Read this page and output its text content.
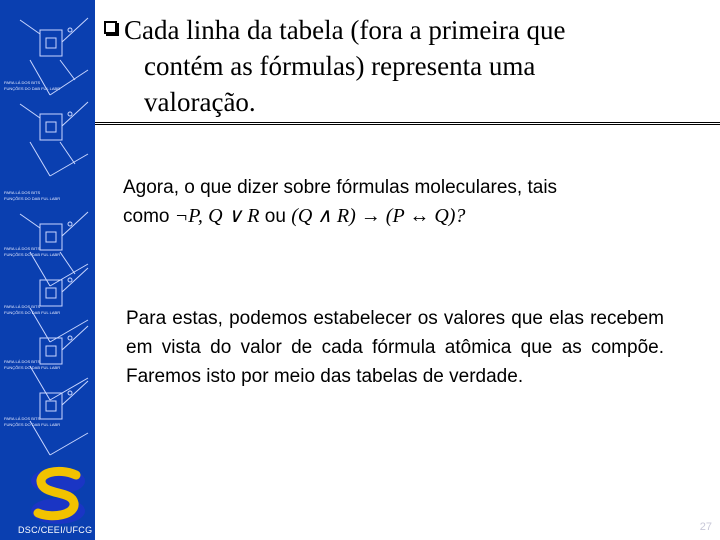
PARA LÁ DOS BITS
FUNÇÕES DO DAB FUL LABR
PARA LÁ DOS BITS
FUNÇÕES DO DAB FUL LABR
PARA LÁ DOS BITS
FUNÇÕES DO DAB FUL LABR
PARA LÁ DOS BITS
FUNÇÕES DO DAB FUL LABR
PARA LÁ DOS BITS
FUNÇÕES DO DAB FUL LABR
PARA LÁ DOS BITS
FUNÇÕES DO DAB FUL LABR
DSC/CEEI/UFCG
Cada linha da tabela (fora a primeira que
contém as fórmulas) representa uma
valoração.
Agora, o que dizer sobre fórmulas moleculares, tais
como ¬P, Q ∨ R ou (Q ∧ R) → (P ↔ Q)?
Para estas, podemos estabelecer os valores que elas recebem em vista do valor de cada fórmula atômica que as compõe. Faremos isto por meio das tabelas de verdade.
27
